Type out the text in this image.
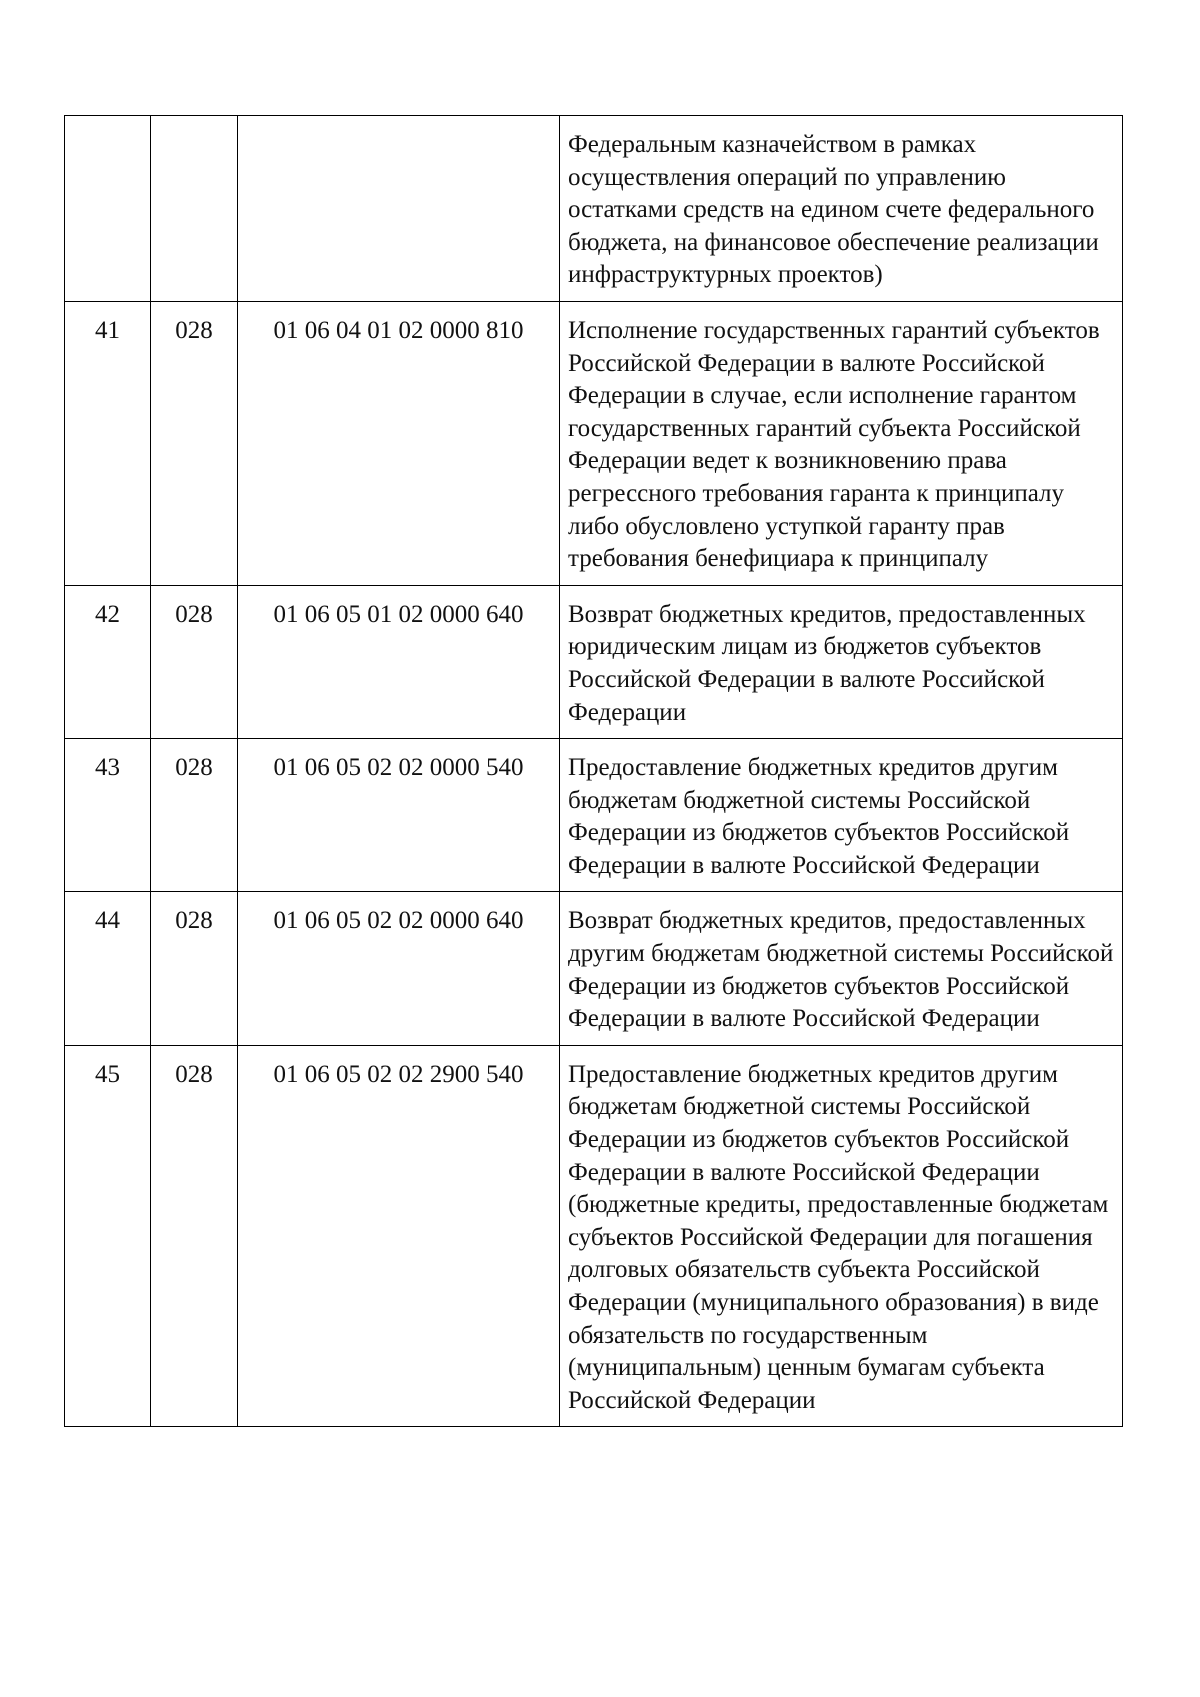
			Федеральным казначейством в рамках осуществления операций по управлению остатками средств на едином счете федерального бюджета, на финансовое обеспечение реализации инфраструктурных проектов)
41	028	01 06 04 01 02 0000 810	Исполнение государственных гарантий субъектов Российской Федерации в валюте Российской Федерации в случае, если исполнение гарантом государственных гарантий субъекта Российской Федерации ведет к возникновению права регрессного требования гаранта к принципалу либо обусловлено уступкой гаранту прав требования бенефициара к принципалу
42	028	01 06 05 01 02 0000 640	Возврат бюджетных кредитов, предоставленных юридическим лицам из бюджетов субъектов Российской Федерации в валюте Российской Федерации
43	028	01 06 05 02 02 0000 540	Предоставление бюджетных кредитов другим бюджетам бюджетной системы Российской Федерации из бюджетов субъектов Российской Федерации в валюте Российской Федерации
44	028	01 06 05 02 02 0000 640	Возврат бюджетных кредитов, предоставленных другим бюджетам бюджетной системы Российской Федерации из бюджетов субъектов Российской Федерации в валюте Российской Федерации
45	028	01 06 05 02 02 2900 540	Предоставление бюджетных кредитов другим бюджетам бюджетной системы Российской Федерации из бюджетов субъектов Российской Федерации в валюте Российской Федерации (бюджетные кредиты, предоставленные бюджетам субъектов Российской Федерации для погашения долговых обязательств субъекта Российской Федерации (муниципального образования) в виде обязательств по государственным (муниципальным) ценным бумагам субъекта Российской Федерации
